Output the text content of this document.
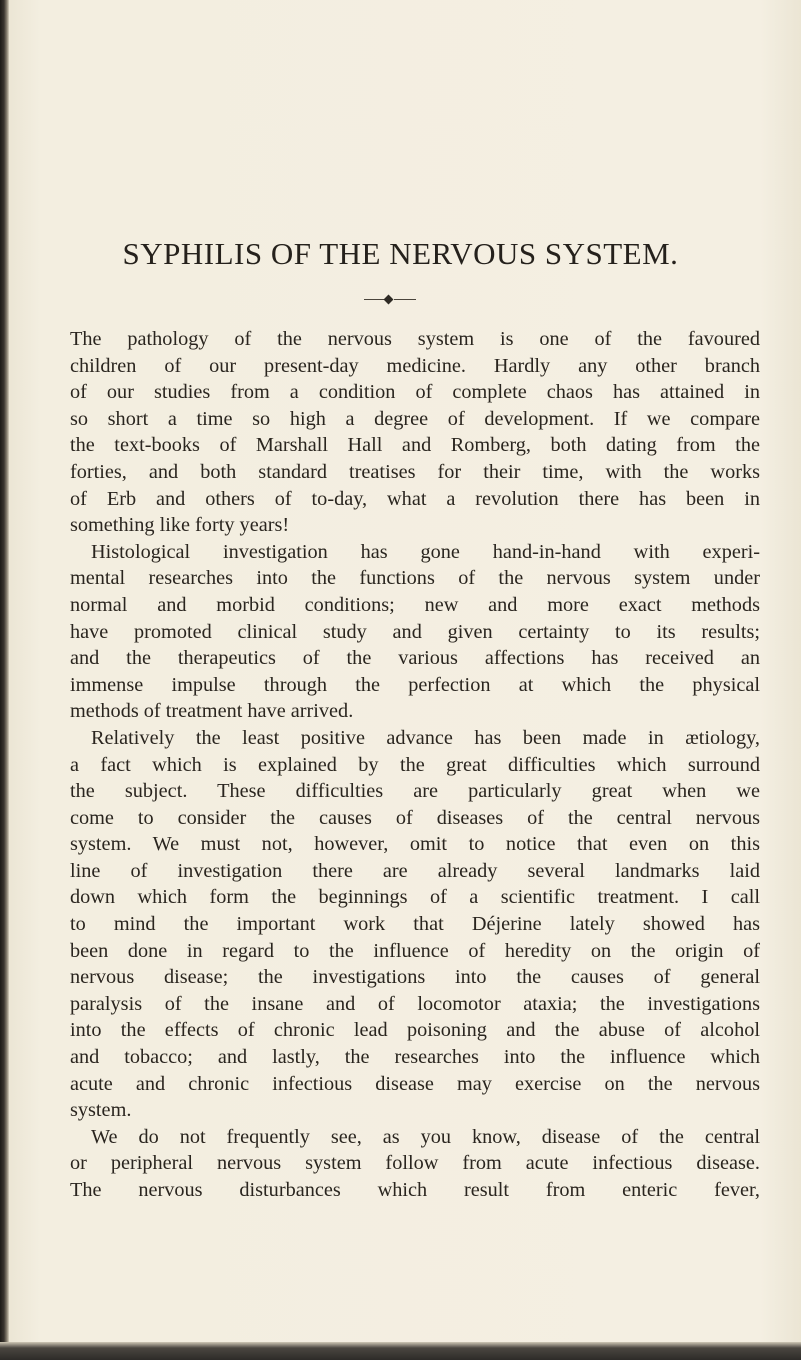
SYPHILIS OF THE NERVOUS SYSTEM.
The pathology of the nervous system is one of the favoured
children of our present-day medicine. Hardly any other branch
of our studies from a condition of complete chaos has attained in
so short a time so high a degree of development. If we compare
the text-books of Marshall Hall and Romberg, both dating from the
forties, and both standard treatises for their time, with the works
of Erb and others of to-day, what a revolution there has been in
something like forty years!
Histological investigation has gone hand-in-hand with experi-
mental researches into the functions of the nervous system under
normal and morbid conditions; new and more exact methods
have promoted clinical study and given certainty to its results;
and the therapeutics of the various affections has received an
immense impulse through the perfection at which the physical
methods of treatment have arrived.
Relatively the least positive advance has been made in ætiology,
a fact which is explained by the great difficulties which surround
the subject. These difficulties are particularly great when we
come to consider the causes of diseases of the central nervous
system. We must not, however, omit to notice that even on this
line of investigation there are already several landmarks laid
down which form the beginnings of a scientific treatment. I call
to mind the important work that Déjerine lately showed has
been done in regard to the influence of heredity on the origin of
nervous disease; the investigations into the causes of general
paralysis of the insane and of locomotor ataxia; the investigations
into the effects of chronic lead poisoning and the abuse of alcohol
and tobacco; and lastly, the researches into the influence which
acute and chronic infectious disease may exercise on the nervous
system.
We do not frequently see, as you know, disease of the central
or peripheral nervous system follow from acute infectious disease.
The nervous disturbances which result from enteric fever,
